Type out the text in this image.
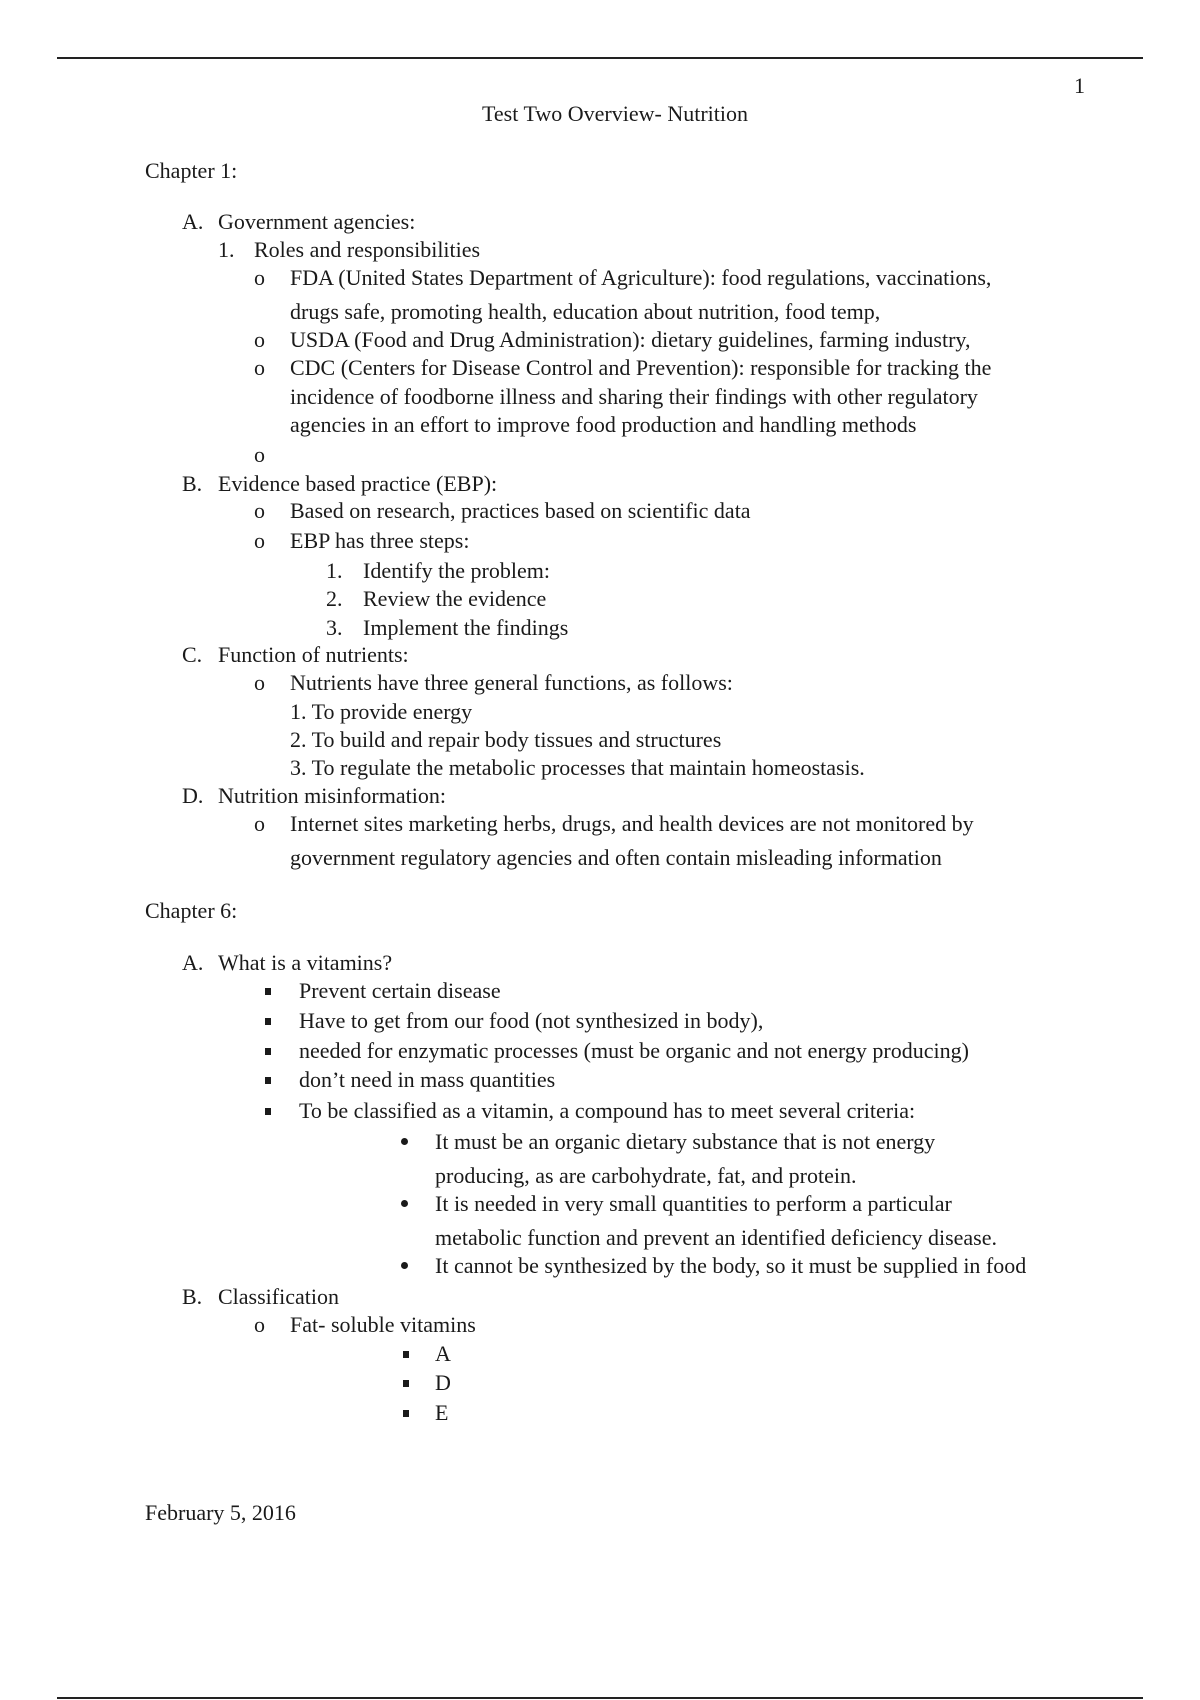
1
Test Two Overview- Nutrition
Chapter 1:
A. Government agencies:
1. Roles and responsibilities
o FDA (United States Department of Agriculture): food regulations, vaccinations,
drugs safe, promoting health, education about nutrition, food temp,
o USDA (Food and Drug Administration): dietary guidelines, farming industry,
o CDC (Centers for Disease Control and Prevention): responsible for tracking the
incidence of foodborne illness and sharing their findings with other regulatory
agencies in an effort to improve food production and handling methods
o
B. Evidence based practice (EBP):
o Based on research, practices based on scientific data
o EBP has three steps:
1. Identify the problem:
2. Review the evidence
3. Implement the findings
C. Function of nutrients:
o Nutrients have three general functions, as follows:
1. To provide energy
2. To build and repair body tissues and structures
3. To regulate the metabolic processes that maintain homeostasis.
D. Nutrition misinformation:
o Internet sites marketing herbs, drugs, and health devices are not monitored by
government regulatory agencies and often contain misleading information
Chapter 6:
A. What is a vitamins?
Prevent certain disease
Have to get from our food (not synthesized in body),
needed for enzymatic processes (must be organic and not energy producing)
don’t need in mass quantities
To be classified as a vitamin, a compound has to meet several criteria:
It must be an organic dietary substance that is not energy
producing, as are carbohydrate, fat, and protein.
It is needed in very small quantities to perform a particular
metabolic function and prevent an identified deficiency disease.
It cannot be synthesized by the body, so it must be supplied in food
B. Classification
o Fat- soluble vitamins
A
D
E
February 5, 2016
